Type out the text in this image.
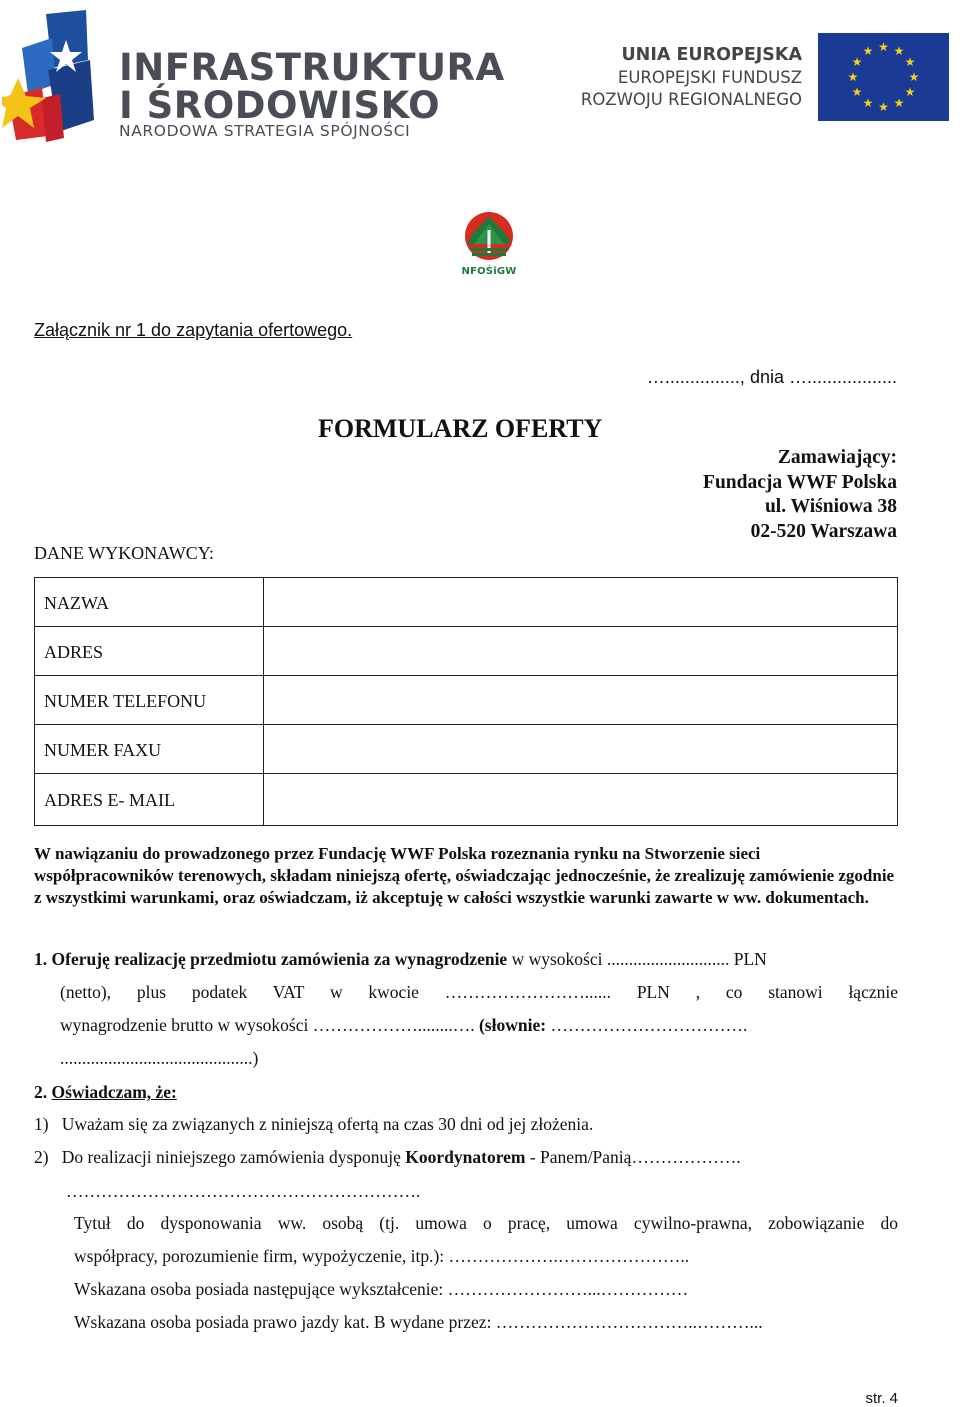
INFRASTRUKTURA
I ŚRODOWISKO
NARODOWA STRATEGIA SPÓJNOŚCI
UNIA EUROPEJSKA
EUROPEJSKI FUNDUSZ
ROZWOJU REGIONALNEGO
★ ★
★
★
★
★
★
★
★
★
★
★
NFOŚiGW
Załącznik nr 1 do zapytania ofertowego.
…..............., dnia …..................
FORMULARZ OFERTY
Zamawiający:
Fundacja WWF Polska
ul. Wiśniowa 38
02-520 Warszawa
DANE WYKONAWCY:
NAZWA	
ADRES	
NUMER TELEFONU	
NUMER FAXU	
ADRES E- MAIL	
W nawiązaniu do prowadzonego przez Fundację WWF Polska rozeznania rynku na Stworzenie sieci współpracowników terenowych, składam niniejszą ofertę, oświadczając jednocześnie, że zrealizuję zamówienie zgodnie z wszystkimi warunkami, oraz oświadczam, iż akceptuję w całości wszystkie warunki zawarte w ww. dokumentach.
1. Oferuję realizację przedmiotu zamówienia za wynagrodzenie w wysokości ............................ PLN
(netto), plus podatek VAT w kwocie ……………………...... PLN , co stanowi łącznie
wynagrodzenie brutto w wysokości ………………........…. (słownie: …………………………….
............................................)
2. Oświadczam, że:
1)   Uważam się za związanych z niniejszą ofertą na czas 30 dni od jej złożenia.
2)   Do realizacji niniejszego zamówienia dysponuję Koordynatorem - Panem/Panią……………….
…………………………………………………….
Tytuł do dysponowania ww. osobą (tj. umowa o pracę, umowa cywilno-prawna, zobowiązanie do
współpracy, porozumienie firm, wypożyczenie, itp.): ……………….…………………..
Wskazana osoba posiada następujące wykształcenie: ……………………...……………
Wskazana osoba posiada prawo jazdy kat. B wydane przez: ……………………………..………...
str. 4
